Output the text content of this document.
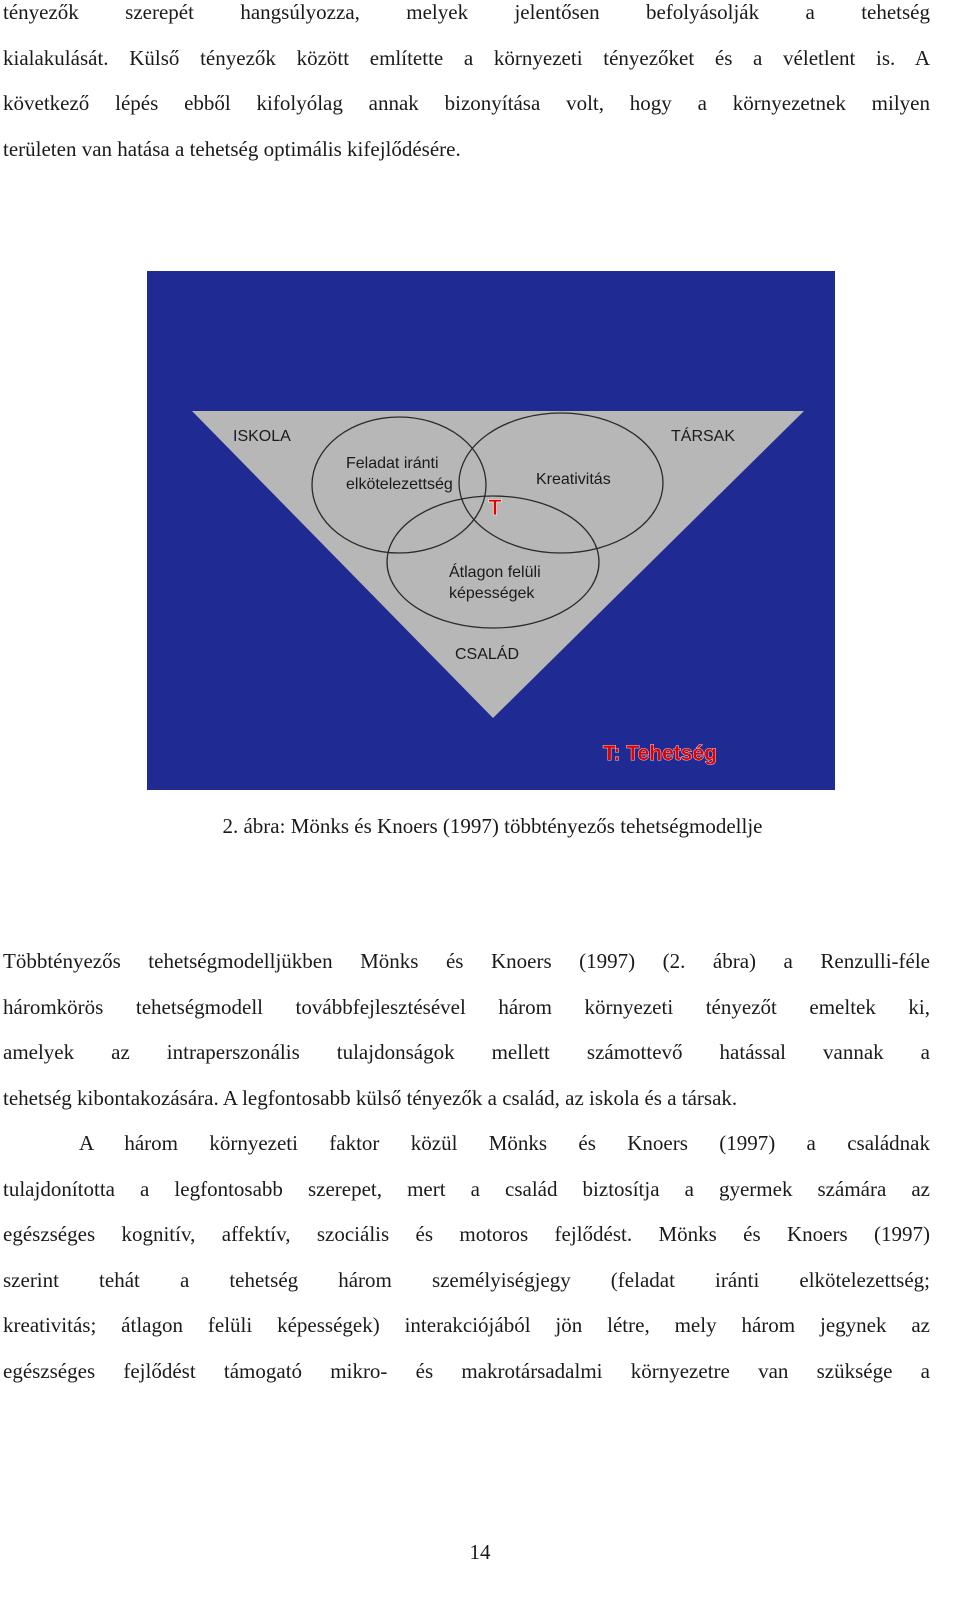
tényezők szerepét hangsúlyozza, melyek jelentősen befolyásolják a tehetség
kialakulását. Külső tényezők között említette a környezeti tényezőket és a véletlent is. A
következő lépés ebből kifolyólag annak bizonyítása volt, hogy a környezetnek milyen
területen van hatása a tehetség optimális kifejlődésére.
ISKOLA	TÁRSAK
CSALÁD
Feladat iránti
elkötelezettség	Kreativitás
Átlagon felüli
képességek
T
T: Tehetség
2. ábra: Mönks és Knoers (1997) többtényezős tehetségmodellje
Többtényezős tehetségmodelljükben Mönks és Knoers (1997) (2. ábra) a Renzulli-féle
háromkörös tehetségmodell továbbfejlesztésével három környezeti tényezőt emeltek ki,
amelyek az intraperszonális tulajdonságok mellett számottevő hatással vannak a
tehetség kibontakozására. A legfontosabb külső tényezők a család, az iskola és a társak.
A három környezeti faktor közül Mönks és Knoers (1997) a családnak
tulajdonította a legfontosabb szerepet, mert a család biztosítja a gyermek számára az
egészséges kognitív, affektív, szociális és motoros fejlődést. Mönks és Knoers (1997)
szerint tehát a tehetség három személyiségjegy (feladat iránti elkötelezettség;
kreativitás; átlagon felüli képességek) interakciójából jön létre, mely három jegynek az
egészséges fejlődést támogató mikro- és makrotársadalmi környezetre van szüksége a
14
